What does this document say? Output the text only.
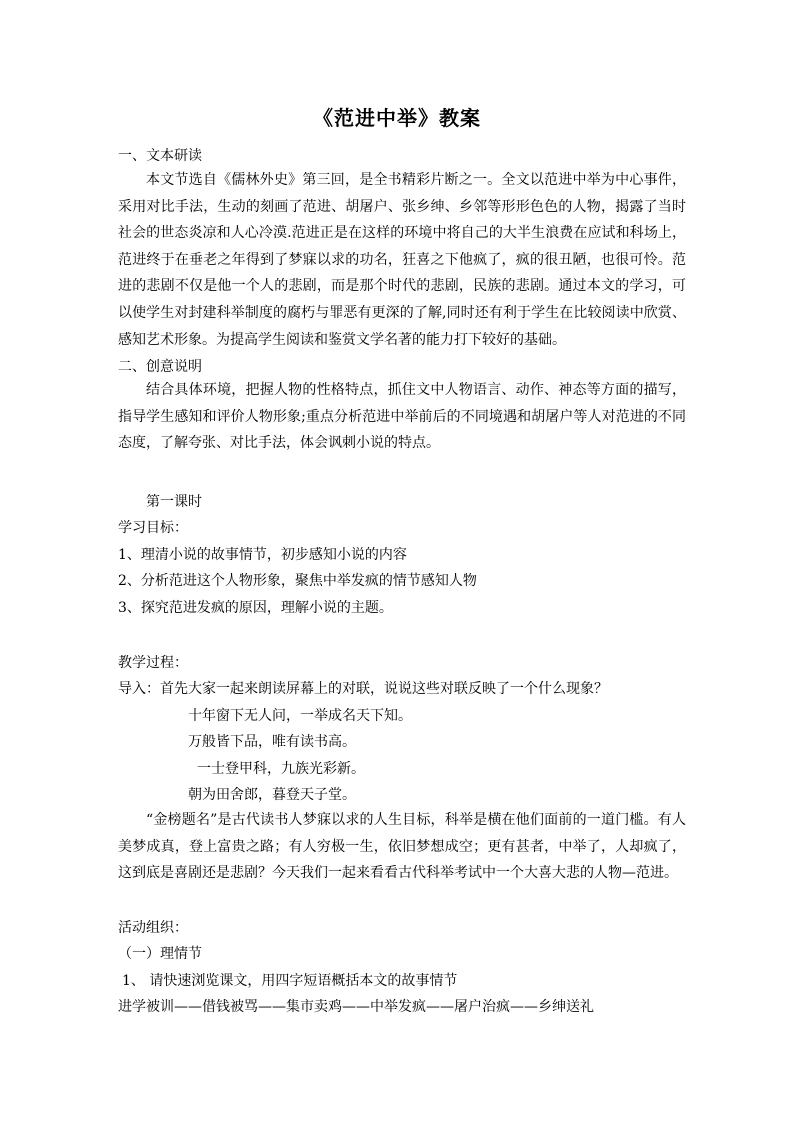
《范进中举》教案
一、文本研读

本文节选自《儒林外史》第三回，是全书精彩片断之一。全文以范进中举为中心事件，采用对比手法，生动的刻画了范进、胡屠户、张乡绅、乡邻等形形色色的人物，揭露了当时社会的世态炎凉和人心冷漠.范进正是在这样的环境中将自己的大半生浪费在应试和科场上，范进终于在垂老之年得到了梦寐以求的功名，狂喜之下他疯了，疯的很丑陋，也很可怜。范进的悲剧不仅是他一个人的悲剧，而是那个时代的悲剧，民族的悲剧。通过本文的学习，可以使学生对封建科举制度的腐朽与罪恶有更深的了解,同时还有利于学生在比较阅读中欣赏、感知艺术形象。为提高学生阅读和鉴赏文学名著的能力打下较好的基础。

二、创意说明

结合具体环境，把握人物的性格特点，抓住文中人物语言、动作、神态等方面的描写，指导学生感知和评价人物形象;重点分析范进中举前后的不同境遇和胡屠户等人对范进的不同态度，了解夸张、对比手法，体会讽刺小说的特点。

第一课时
学习目标：
1、理清小说的故事情节，初步感知小说的内容
2、分析范进这个人物形象，聚焦中举发疯的情节感知人物
3、探究范进发疯的原因，理解小说的主题。
教学过程：
导入：首先大家一起来朗读屏幕上的对联，说说这些对联反映了一个什么现象？
十年窗下无人问，一举成名天下知。
万般皆下品，唯有读书高。
一士登甲科，九族光彩新。
朝为田舍郎，暮登天子堂。

“金榜题名”是古代读书人梦寐以求的人生目标，科举是横在他们面前的一道门槛。有人美梦成真，登上富贵之路；有人穷极一生，依旧梦想成空；更有甚者，中举了，人却疯了，这到底是喜剧还是悲剧？今天我们一起来看看古代科举考试中一个大喜大悲的人物—范进。

活动组织：
（一）理情节
1、 请快速浏览课文，用四字短语概括本文的故事情节
进学被训——借钱被骂——集市卖鸡——中举发疯——屠户治疯——乡绅送礼
